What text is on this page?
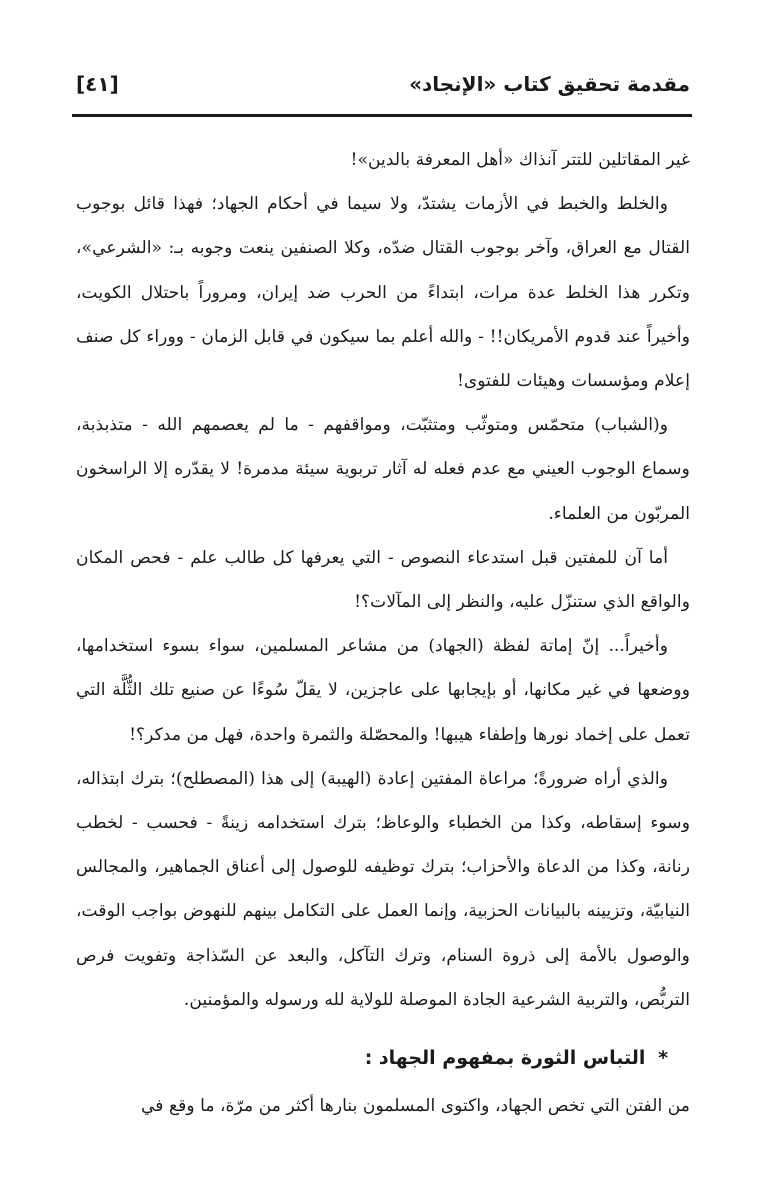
مقدمة تحقيق كتاب «الإنجاد»
[٤١]

غير المقاتلين للتتر آنذاك «أهل المعرفة بالدين»!

والخلط والخبط في الأزمات يشتدّ، ولا سيما في أحكام الجهاد؛ فهذا قائل بوجوب القتال مع العراق، وآخر بوجوب القتال ضدّه، وكلا الصنفين ينعت وجوبه بـ: «الشرعي»، وتكرر هذا الخلط عدة مرات، ابتداءً من الحرب ضد إيران، ومروراً باحتلال الكويت، وأخيراً عند قدوم الأمريكان!! - والله أعلم بما سيكون في قابل الزمان - ووراء كل صنف إعلام ومؤسسات وهيئات للفتوى!

و(الشباب) متحمّس ومتوثّب ومتثبّت، ومواقفهم - ما لم يعصمهم الله - متذبذبة، وسماع الوجوب العيني مع عدم فعله له آثار تربوية سيئة مدمرة! لا يقدّره إلا الراسخون المربّون من العلماء.

أما آن للمفتين قبل استدعاء النصوص - التي يعرفها كل طالب علم - فحص المكان والواقع الذي ستنزّل عليه، والنظر إلى المآلات؟!

وأخيراً... إنّ إماتة لفظة (الجهاد) من مشاعر المسلمين، سواء بسوء استخدامها، ووضعها في غير مكانها، أو بإيجابها على عاجزين، لا يقلّ سُوءًا عن صنيع تلك الثُّلَّة التي تعمل على إخماد نورها وإطفاء هيبها! والمحصّلة والثمرة واحدة، فهل من مدكر؟!

والذي أراه ضرورةً؛ مراعاة المفتين إعادة (الهيبة) إلى هذا (المصطلح)؛ بترك ابتذاله، وسوء إسقاطه، وكذا من الخطباء والوعاظ؛ بترك استخدامه زينةً - فحسب - لخطب رنانة، وكذا من الدعاة والأحزاب؛ بترك توظيفه للوصول إلى أعناق الجماهير، والمجالس النيابيّة، وتزيينه بالبيانات الحزبية، وإنما العمل على التكامل بينهم للنهوض بواجب الوقت، والوصول بالأمة إلى ذروة السنام، وترك التآكل، والبعد عن السّذاجة وتفويت فرص التربُّص، والتربية الشرعية الجادة الموصلة للولاية لله ورسوله والمؤمنين.

* التباس الثورة بمفهوم الجهاد :

من الفتن التي تخص الجهاد، واكتوى المسلمون بنارها أكثر من مرّة، ما وقع في
